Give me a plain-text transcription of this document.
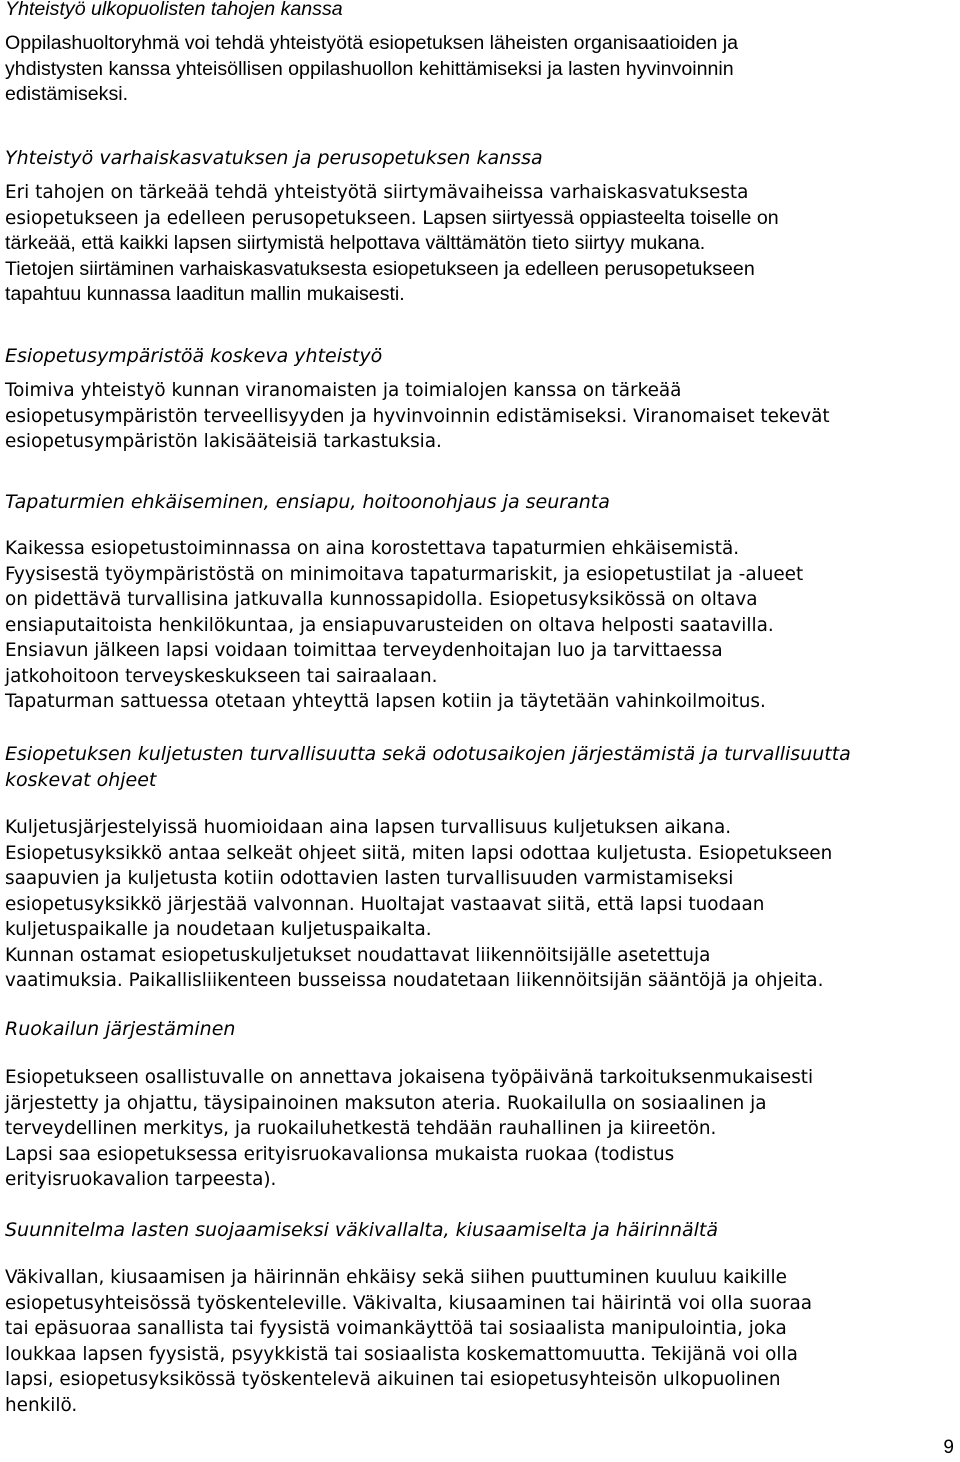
Yhteistyö ulkopuolisten tahojen kanssa
Oppilashuoltoryhmä voi tehdä yhteistyötä esiopetuksen läheisten organisaatioiden ja
yhdistysten kanssa yhteisöllisen oppilashuollon kehittämiseksi ja lasten hyvinvoinnin
edistämiseksi.
Yhteistyö varhaiskasvatuksen ja perusopetuksen kanssa
Eri tahojen on tärkeää tehdä yhteistyötä siirtymävaiheissa varhaiskasvatuksesta
esiopetukseen ja edelleen perusopetukseen. Lapsen siirtyessä oppiasteelta toiselle on
tärkeää, että kaikki lapsen siirtymistä helpottava välttämätön tieto siirtyy mukana.
Tietojen siirtäminen varhaiskasvatuksesta esiopetukseen ja edelleen perusopetukseen
tapahtuu kunnassa laaditun mallin mukaisesti.
Esiopetusympäristöä koskeva yhteistyö
Toimiva yhteistyö kunnan viranomaisten ja toimialojen kanssa on tärkeää
esiopetusympäristön terveellisyyden ja hyvinvoinnin edistämiseksi. Viranomaiset tekevät
esiopetusympäristön lakisääteisiä tarkastuksia.
Tapaturmien ehkäiseminen, ensiapu, hoitoonohjaus ja seuranta
Kaikessa esiopetustoiminnassa on aina korostettava tapaturmien ehkäisemistä.
Fyysisestä työympäristöstä on minimoitava tapaturmariskit, ja esiopetustilat ja -alueet
on pidettävä turvallisina jatkuvalla kunnossapidolla. Esiopetusyksikössä on oltava
ensiaputaitoista henkilökuntaa, ja ensiapuvarusteiden on oltava helposti saatavilla.
Ensiavun jälkeen lapsi voidaan toimittaa terveydenhoitajan luo ja tarvittaessa
jatkohoitoon terveyskeskukseen tai sairaalaan.
Tapaturman sattuessa otetaan yhteyttä lapsen kotiin ja täytetään vahinkoilmoitus.
Esiopetuksen kuljetusten turvallisuutta sekä odotusaikojen järjestämistä ja turvallisuutta
koskevat ohjeet
Kuljetusjärjestelyissä huomioidaan aina lapsen turvallisuus kuljetuksen aikana.
Esiopetusyksikkö antaa selkeät ohjeet siitä, miten lapsi odottaa kuljetusta. Esiopetukseen
saapuvien ja kuljetusta kotiin odottavien lasten turvallisuuden varmistamiseksi
esiopetusyksikkö järjestää valvonnan. Huoltajat vastaavat siitä, että lapsi tuodaan
kuljetuspaikalle ja noudetaan kuljetuspaikalta.
Kunnan ostamat esiopetuskuljetukset noudattavat liikennöitsijälle asetettuja
vaatimuksia. Paikallisliikenteen busseissa noudatetaan liikennöitsijän sääntöjä ja ohjeita.
Ruokailun järjestäminen
Esiopetukseen osallistuvalle on annettava jokaisena työpäivänä tarkoituksenmukaisesti
järjestetty ja ohjattu, täysipainoinen maksuton ateria. Ruokailulla on sosiaalinen ja
terveydellinen merkitys, ja ruokailuhetkestä tehdään rauhallinen ja kiireetön.
Lapsi saa esiopetuksessa erityisruokavalionsa mukaista ruokaa (todistus
erityisruokavalion tarpeesta).
Suunnitelma lasten suojaamiseksi väkivallalta, kiusaamiselta ja häirinnältä
Väkivallan, kiusaamisen ja häirinnän ehkäisy sekä siihen puuttuminen kuuluu kaikille
esiopetusyhteisössä työskenteleville. Väkivalta, kiusaaminen tai häirintä voi olla suoraa
tai epäsuoraa sanallista tai fyysistä voimankäyttöä tai sosiaalista manipulointia, joka
loukkaa lapsen fyysistä, psyykkistä tai sosiaalista koskemattomuutta. Tekijänä voi olla
lapsi, esiopetusyksikössä työskentelevä aikuinen tai esiopetusyhteisön ulkopuolinen
henkilö.
9
